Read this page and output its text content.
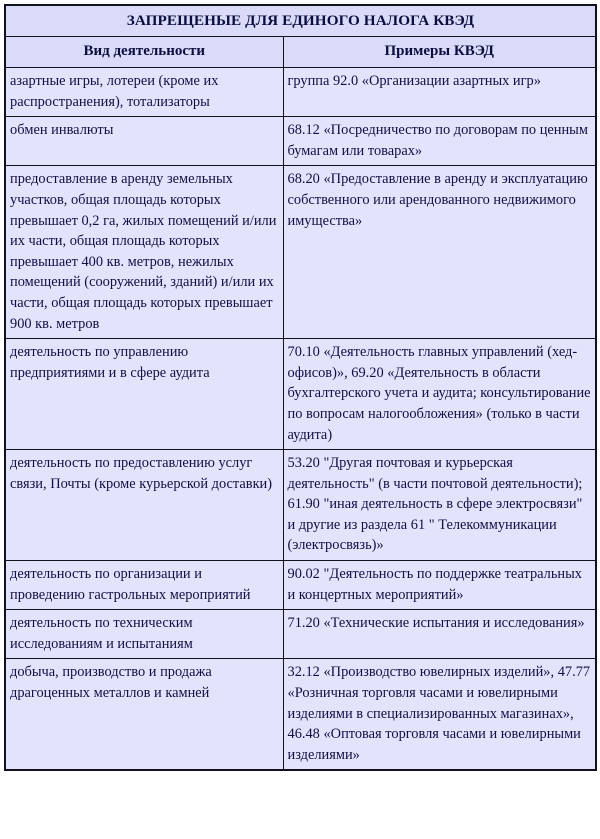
ЗАПРЕЩЕНЫЕ ДЛЯ ЕДИНОГО НАЛОГА КВЭД	
Вид деятельности	Примеры КВЭД
азартные игры, лотереи (кроме их распространения), тотализаторы	группа 92.0 «Организации азартных игр»
обмен инвалюты	68.12 «Посредничество по договорам по ценным бумагам или товарах»
предоставление в аренду земельных участков, общая площадь которых превышает 0,2 га, жилых помещений и/или их части, общая площадь которых превышает 400 кв. метров, нежилых помещений (сооружений, зданий) и/или их части, общая площадь которых превышает 900 кв. метров	68.20 «Предоставление в аренду и эксплуатацию собственного или арендованного недвижимого имущества»
деятельность по управлению предприятиями и в сфере аудита	70.10 «Деятельность главных управлений (хед-офисов)», 69.20 «Деятельность в области бухгалтерского учета и аудита; консультирование по вопросам налогообложения» (только в части аудита)
деятельность по предоставлению услуг связи, Почты (кроме курьерской доставки)	53.20 "Другая почтовая и курьерская деятельность" (в части почтовой деятельности); 61.90 "иная деятельность в сфере электросвязи" и другие из раздела 61 " Телекоммуникации (электросвязь)»
деятельность по организации и проведению гастрольных мероприятий	90.02 "Деятельность по поддержке театральных и концертных мероприятий»
деятельность по техническим исследованиям и испытаниям	71.20 «Технические испытания и исследования»
добыча, производство и продажа драгоценных металлов и камней	32.12 «Производство ювелирных изделий», 47.77 «Розничная торговля часами и ювелирными изделиями в специализированных магазинах», 46.48 «Оптовая торговля часами и ювелирными изделиями»
